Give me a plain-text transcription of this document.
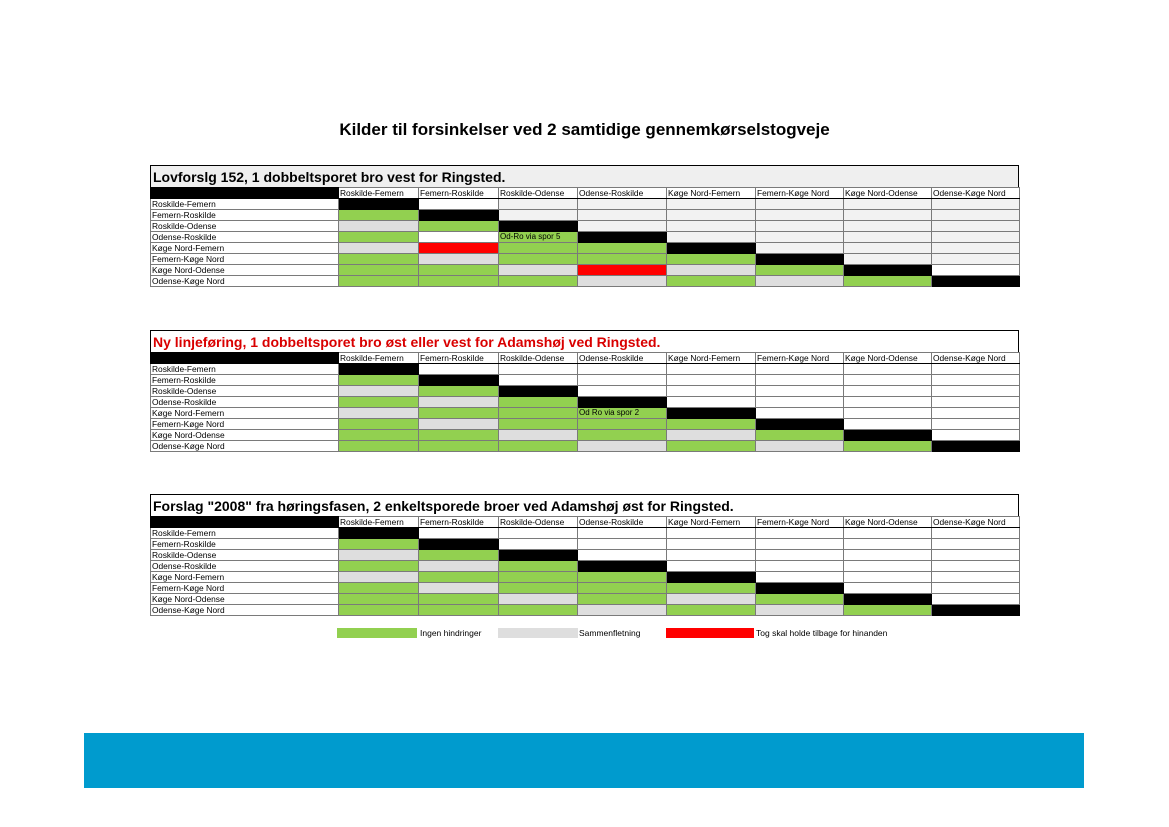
Kilder til forsinkelser ved 2 samtidige gennemkørselstogveje
Lovforslg 152, 1 dobbeltsporet bro vest for Ringsted.
	Roskilde-Femern	Femern-Roskilde	Roskilde-Odense	Odense-Roskilde	Køge Nord-Femern	Femern-Køge Nord	Køge Nord-Odense	Odense-Køge Nord
Roskilde-Femern								
Femern-Roskilde								
Roskilde-Odense								
Odense-Roskilde			Od-Ro via spor 5					
Køge Nord-Femern								
Femern-Køge Nord								
Køge Nord-Odense								
Odense-Køge Nord								
Ny linjeføring, 1 dobbeltsporet bro øst eller vest for Adamshøj ved Ringsted.
	Roskilde-Femern	Femern-Roskilde	Roskilde-Odense	Odense-Roskilde	Køge Nord-Femern	Femern-Køge Nord	Køge Nord-Odense	Odense-Køge Nord
Roskilde-Femern								
Femern-Roskilde								
Roskilde-Odense								
Odense-Roskilde								
Køge Nord-Femern				Od Ro via spor 2				
Femern-Køge Nord								
Køge Nord-Odense								
Odense-Køge Nord								
Forslag "2008" fra høringsfasen, 2 enkeltsporede broer ved Adamshøj øst for Ringsted.
	Roskilde-Femern	Femern-Roskilde	Roskilde-Odense	Odense-Roskilde	Køge Nord-Femern	Femern-Køge Nord	Køge Nord-Odense	Odense-Køge Nord
Roskilde-Femern								
Femern-Roskilde								
Roskilde-Odense								
Odense-Roskilde								
Køge Nord-Femern								
Femern-Køge Nord								
Køge Nord-Odense								
Odense-Køge Nord								
Ingen hindringer	Sammenfletning	Tog skal holde tilbage for hinanden
